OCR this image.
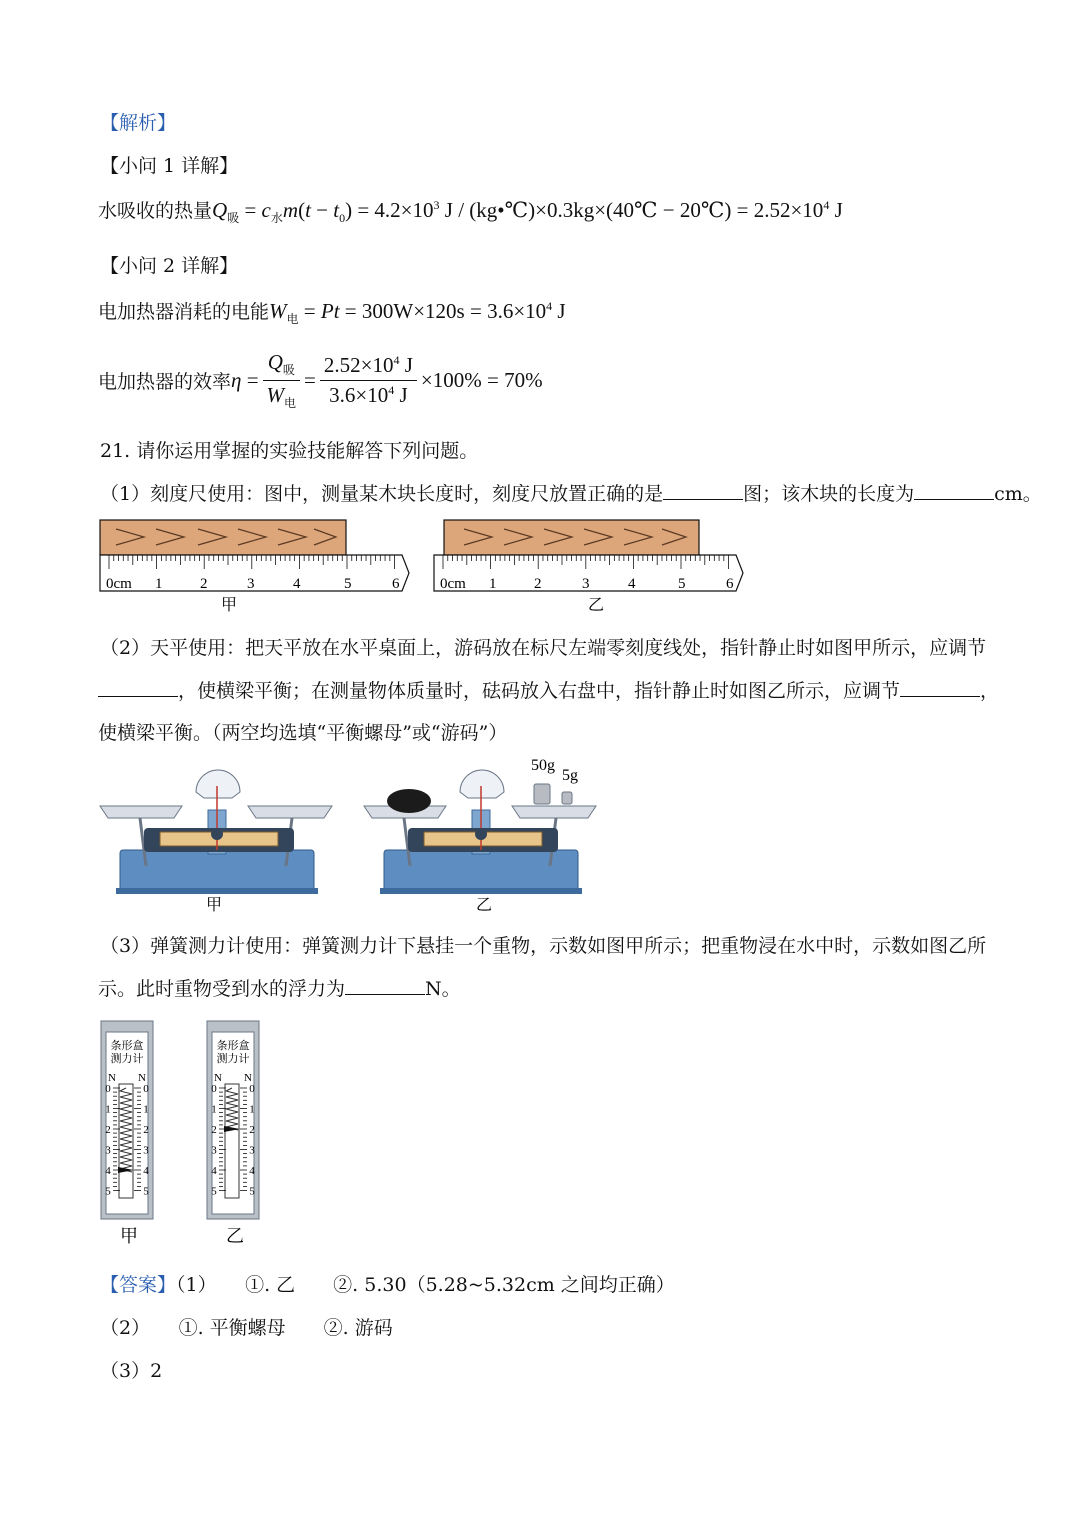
【解析】
【小问 1 详解】
水吸收的热量$Q_吸 = c_水m(t - t_0) = 4.2\times 10^3$ J / (kg•℃)×0.3kg×(40℃ − 20℃) = $2.52\times 10^4$ J
【小问 2 详解】
电加热器消耗的电能$W_电 = Pt = 300W\times 120s = 3.6\times 10^4$ J
电加热器的效率$\eta = \frac{Q_吸}{W_电} = \frac{2.52\times 10^4 J}{3.6\times 10^4 J} \times 100\% = 70\%$
21. 请你运用掌握的实验技能解答下列问题。
（1）刻度尺使用：图中，测量某木块长度时，刻度尺放置正确的是	图；该木块的长度为	cm。
0cm 1	2	3	4	5	6	0cm 1	2	3	4	5	6
甲	乙
（2）天平使用：把天平放在水平桌面上，游码放在标尺左端零刻度线处，指针静止时如图甲所示，应调节
，使横梁平衡；在测量物体质量时，砝码放入右盘中，指针静止时如图乙所示，应调节	，
使横梁平衡。（两空均选填“平衡螺母”或“游码”）
50g
5g
甲	乙
（3）弹簧测力计使用：弹簧测力计下悬挂一个重物，示数如图甲所示；把重物浸在水中时，示数如图乙所
示。此时重物受到水的浮力为	N。
条形盒
测力计
N N
0	0
1	1
2	2
3	3
4	4
5	5
条形盒
测力计
N N
0	0
1	1
2	2
3	3
4	4
5	5
甲	乙
【答案】（1）　　①. 乙　　②. 5.30（5.28~5.32cm 之间均正确）
（2）　　①. 平衡螺母　　②. 游码
（3）2
